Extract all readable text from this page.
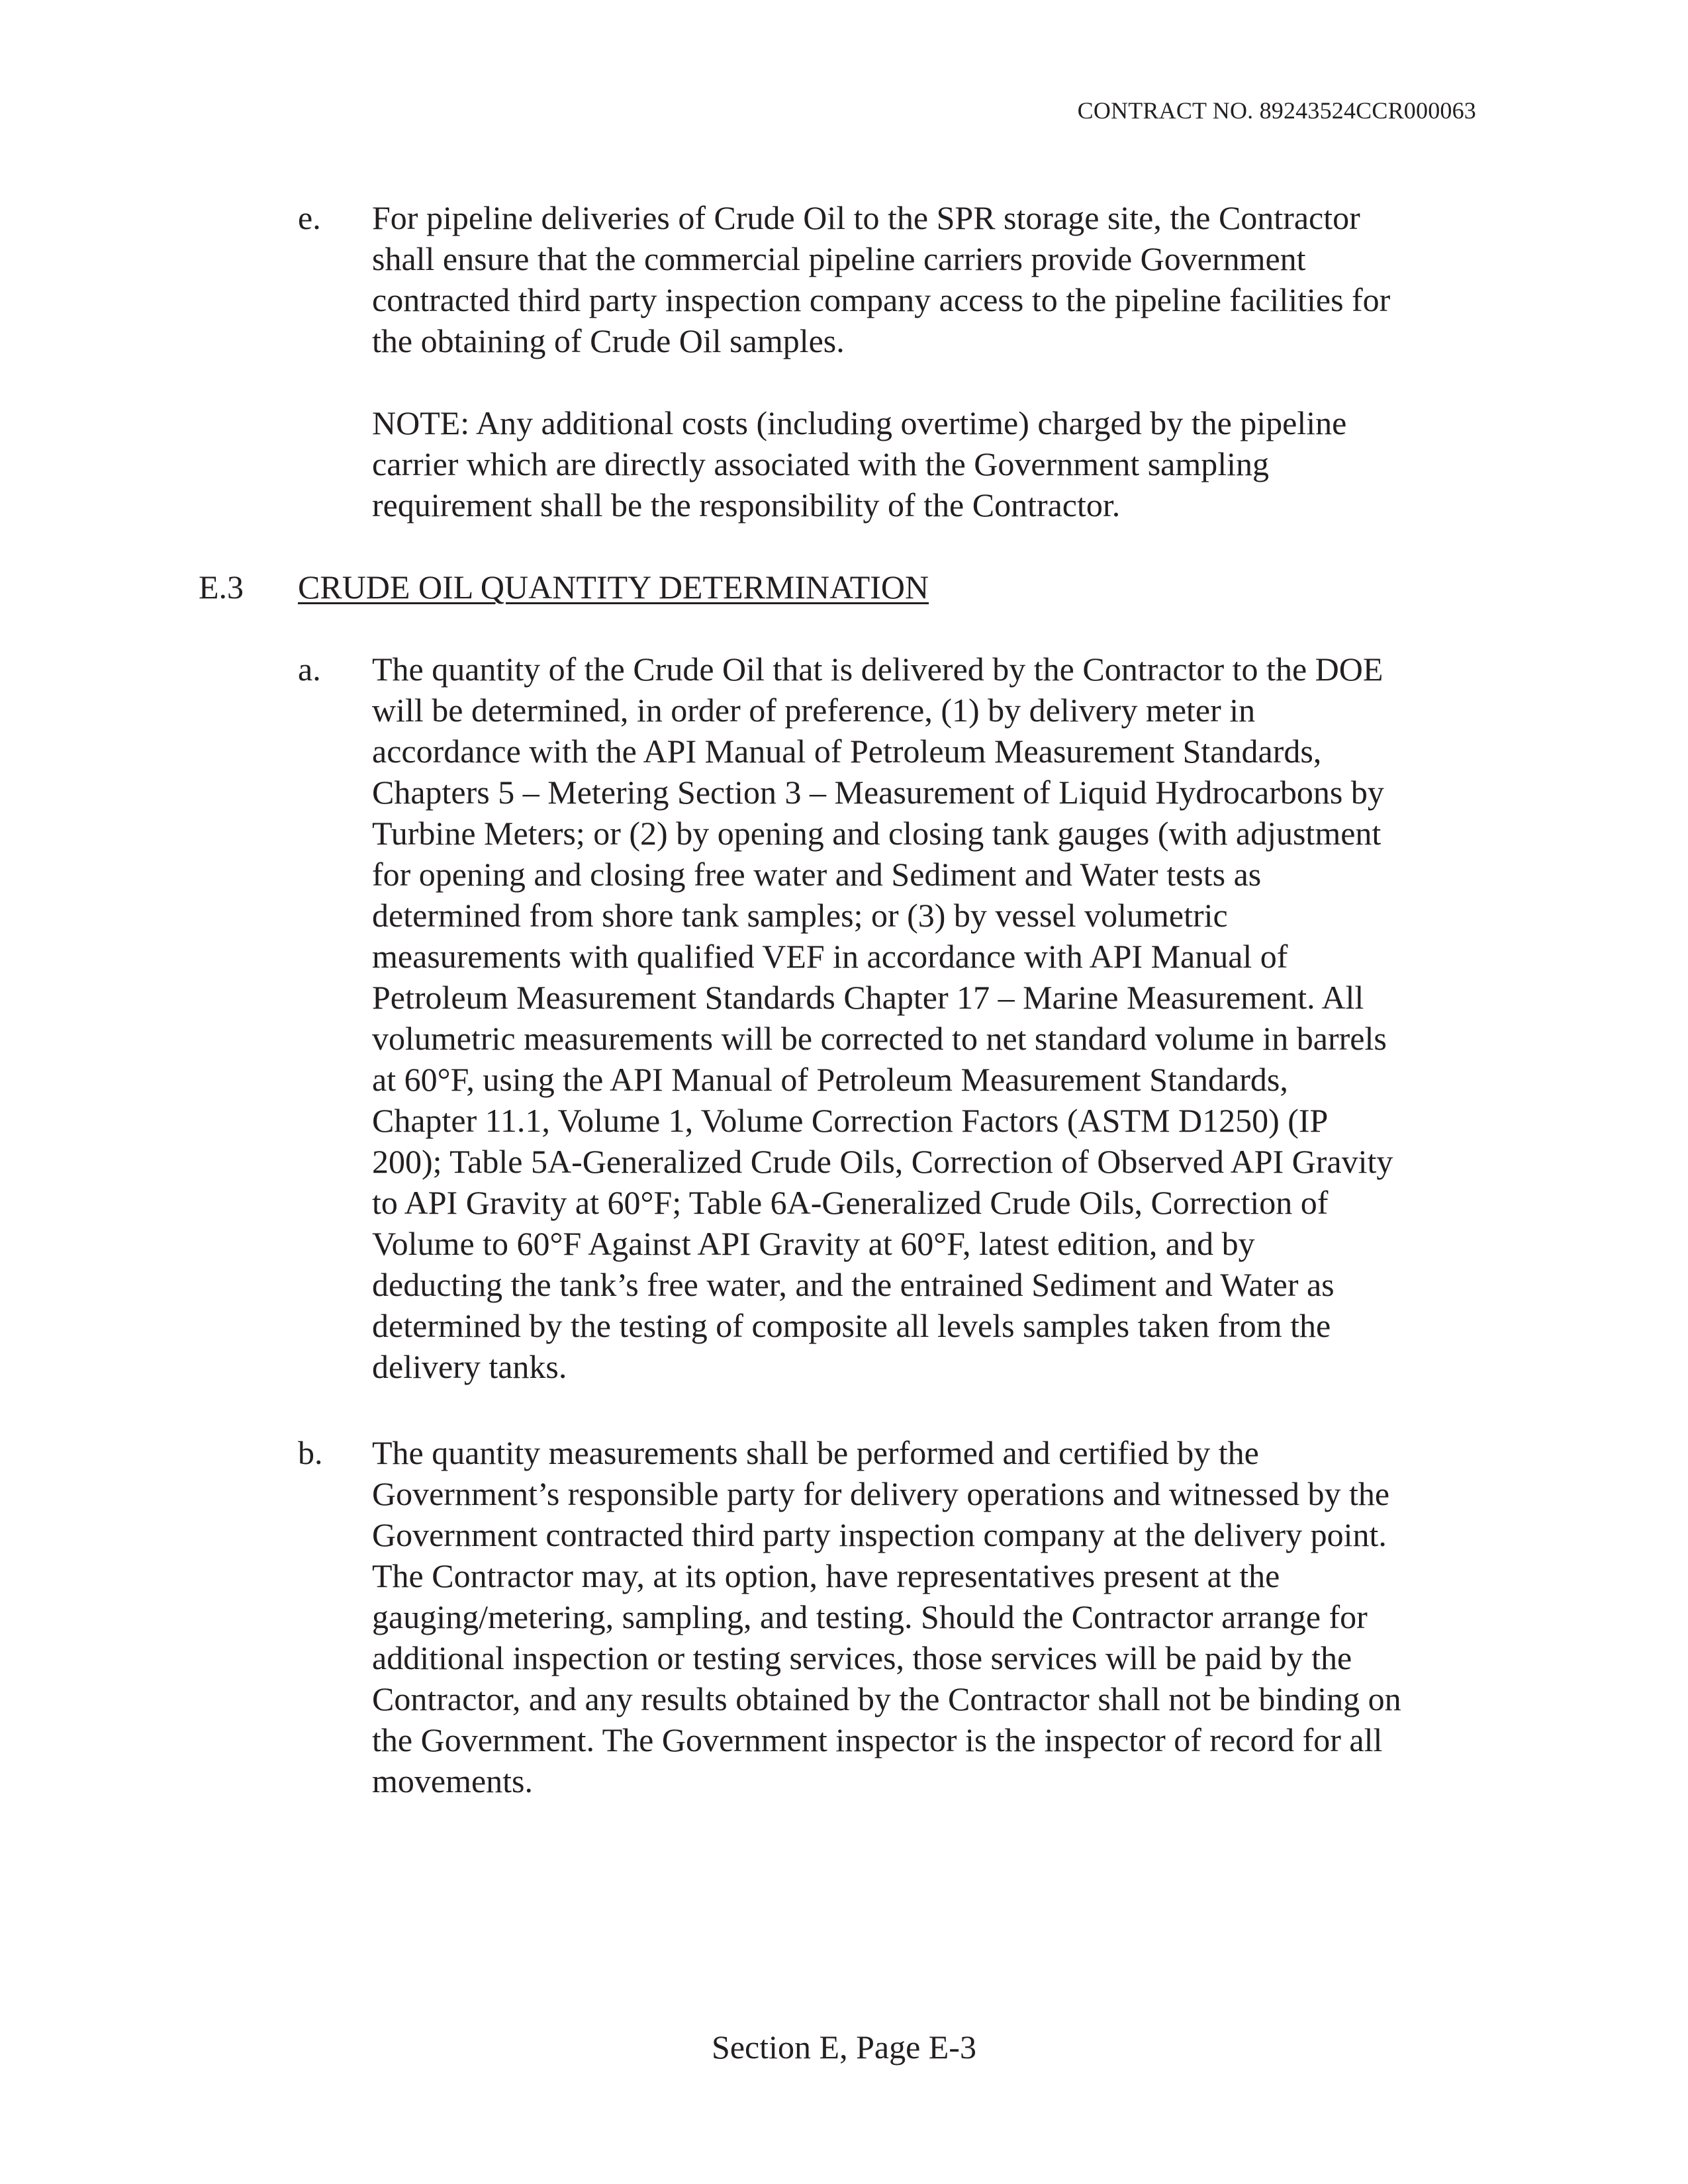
CONTRACT NO. 89243524CCR000063
e. For pipeline deliveries of Crude Oil to the SPR storage site, the Contractor
shall ensure that the commercial pipeline carriers provide Government
contracted third party inspection company access to the pipeline facilities for
the obtaining of Crude Oil samples.

NOTE: Any additional costs (including overtime) charged by the pipeline
carrier which are directly associated with the Government sampling
requirement shall be the responsibility of the Contractor.
E.3 CRUDE OIL QUANTITY DETERMINATION
a. The quantity of the Crude Oil that is delivered by the Contractor to the DOE
will be determined, in order of preference, (1) by delivery meter in
accordance with the API Manual of Petroleum Measurement Standards,
Chapters 5 – Metering Section 3 – Measurement of Liquid Hydrocarbons by
Turbine Meters; or (2) by opening and closing tank gauges (with adjustment
for opening and closing free water and Sediment and Water tests as
determined from shore tank samples; or (3) by vessel volumetric
measurements with qualified VEF in accordance with API Manual of
Petroleum Measurement Standards Chapter 17 – Marine Measurement. All
volumetric measurements will be corrected to net standard volume in barrels
at 60°F, using the API Manual of Petroleum Measurement Standards,
Chapter 11.1, Volume 1, Volume Correction Factors (ASTM D1250) (IP
200); Table 5A-Generalized Crude Oils, Correction of Observed API Gravity
to API Gravity at 60°F; Table 6A-Generalized Crude Oils, Correction of
Volume to 60°F Against API Gravity at 60°F, latest edition, and by
deducting the tank’s free water, and the entrained Sediment and Water as
determined by the testing of composite all levels samples taken from the
delivery tanks.

b. The quantity measurements shall be performed and certified by the
Government’s responsible party for delivery operations and witnessed by the
Government contracted third party inspection company at the delivery point.
The Contractor may, at its option, have representatives present at the
gauging/metering, sampling, and testing. Should the Contractor arrange for
additional inspection or testing services, those services will be paid by the
Contractor, and any results obtained by the Contractor shall not be binding on
the Government. The Government inspector is the inspector of record for all
movements.

Section E, Page E-3
